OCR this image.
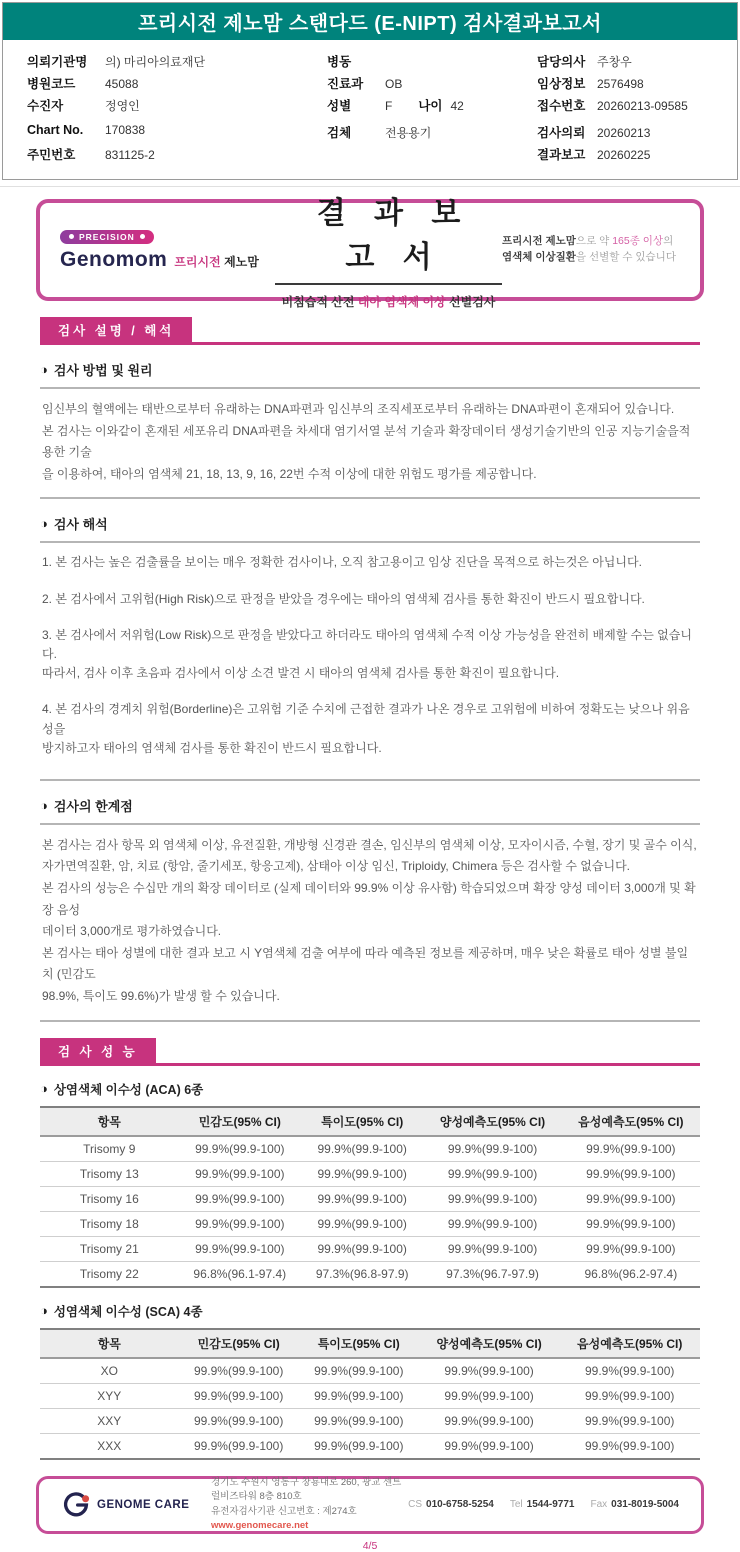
프리시전 제노맘 스탠다드 (E-NIPT) 검사결과보고서
의뢰기관명	의) 마리아의료재단
병원코드	45088
수진자	정영인
Chart No.	170838
주민번호	831125-2
병동
진료과	OB
성별	F 나이 42
검체	전용용기
담당의사 주창우
임상정보 2576498
접수번호 20260213-09585
검사의뢰 20260213
결과보고 20260225
PRECISION
Genomom 프리시전 제노맘
결 과 보 고 서
비침습적 산전 태아 염색체 이상 선별검사
프리시전 제노맘으로 약 165종 이상의 염색체 이상질환을 선별할 수 있습니다
검사 설명 / 해석
◑ 검사 방법 및 원리
임신부의 혈액에는 태반으로부터 유래하는 DNA파편과 임신부의 조직세포로부터 유래하는 DNA파편이 혼재되어 있습니다.
본 검사는 이와같이 혼재된 세포유리 DNA파편을 차세대 염기서열 분석 기술과 확장데이터 생성기술기반의 인공 지능기술을적용한 기술
을 이용하여, 태아의 염색체 21, 18, 13, 9, 16, 22번 수적 이상에 대한 위험도 평가를 제공합니다.
◑ 검사 해석

1. 본 검사는 높은 검출률을 보이는 매우 정확한 검사이나, 오직 참고용이고 임상 진단을 목적으로 하는것은 아닙니다.

2. 본 검사에서 고위험(High Risk)으로 판정을 받았을 경우에는 태아의 염색체 검사를 통한 확진이 반드시 필요합니다.

3. 본 검사에서 저위험(Low Risk)으로 판정을 받았다고 하더라도 태아의 염색체 수적 이상 가능성을 완전히 배제할 수는 없습니다.
따라서, 검사 이후 초음파 검사에서 이상 소견 발견 시 태아의 염색체 검사를 통한 확진이 필요합니다.

4. 본 검사의 경계치 위험(Borderline)은 고위험 기준 수치에 근접한 결과가 나온 경우로 고위험에 비하여 정확도는 낮으나 위음성을
방지하고자 태아의 염색체 검사를 통한 확진이 반드시 필요합니다.

◑ 검사의 한계점
본 검사는 검사 항목 외 염색체 이상, 유전질환, 개방형 신경관 결손, 임신부의 염색체 이상, 모자이시즘, 수혈, 장기 및 골수 이식,
자가면역질환, 암, 치료 (항암, 줄기세포, 항응고제), 삼태아 이상 임신, Triploidy, Chimera 등은 검사할 수 없습니다.
본 검사의 성능은 수십만 개의 확장 데이터로 (실제 데이터와 99.9% 이상 유사함) 학습되었으며 확장 양성 데이터 3,000개 및 확장 음성
데이터 3,000개로 평가하였습니다.
본 검사는 태아 성별에 대한 결과 보고 시 Y염색체 검출 여부에 따라 예측된 정보를 제공하며, 매우 낮은 확률로 태아 성별 불일치 (민감도
98.9%, 특이도 99.6%)가 발생 할 수 있습니다.
검 사 성 능
◑ 상염색체 이수성 (ACA) 6종
항목	민감도(95% CI)	특이도(95% CI)	양성예측도(95% CI)	음성예측도(95% CI)
Trisomy 9	99.9%(99.9-100)	99.9%(99.9-100)	99.9%(99.9-100)	99.9%(99.9-100)
Trisomy 13	99.9%(99.9-100)	99.9%(99.9-100)	99.9%(99.9-100)	99.9%(99.9-100)
Trisomy 16	99.9%(99.9-100)	99.9%(99.9-100)	99.9%(99.9-100)	99.9%(99.9-100)
Trisomy 18	99.9%(99.9-100)	99.9%(99.9-100)	99.9%(99.9-100)	99.9%(99.9-100)
Trisomy 21	99.9%(99.9-100)	99.9%(99.9-100)	99.9%(99.9-100)	99.9%(99.9-100)
Trisomy 22	96.8%(96.1-97.4)	97.3%(96.8-97.9)	97.3%(96.7-97.9)	96.8%(96.2-97.4)
◑ 성염색체 이수성 (SCA) 4종
항목	민감도(95% CI)	특이도(95% CI)	양성예측도(95% CI)	음성예측도(95% CI)
XO	99.9%(99.9-100)	99.9%(99.9-100)	99.9%(99.9-100)	99.9%(99.9-100)
XYY	99.9%(99.9-100)	99.9%(99.9-100)	99.9%(99.9-100)	99.9%(99.9-100)
XXY	99.9%(99.9-100)	99.9%(99.9-100)	99.9%(99.9-100)	99.9%(99.9-100)
XXX	99.9%(99.9-100)	99.9%(99.9-100)	99.9%(99.9-100)	99.9%(99.9-100)
GENOME CARE
경기도 수원시 영통구 창룡대로 260, 광교 센트럴비즈타워 8층 810호
유전자검사기관 신고번호 : 제274호
www.genomecare.net
CS 010-6758-5254 Tel 1544-9771 Fax 031-8019-5004
4/5
